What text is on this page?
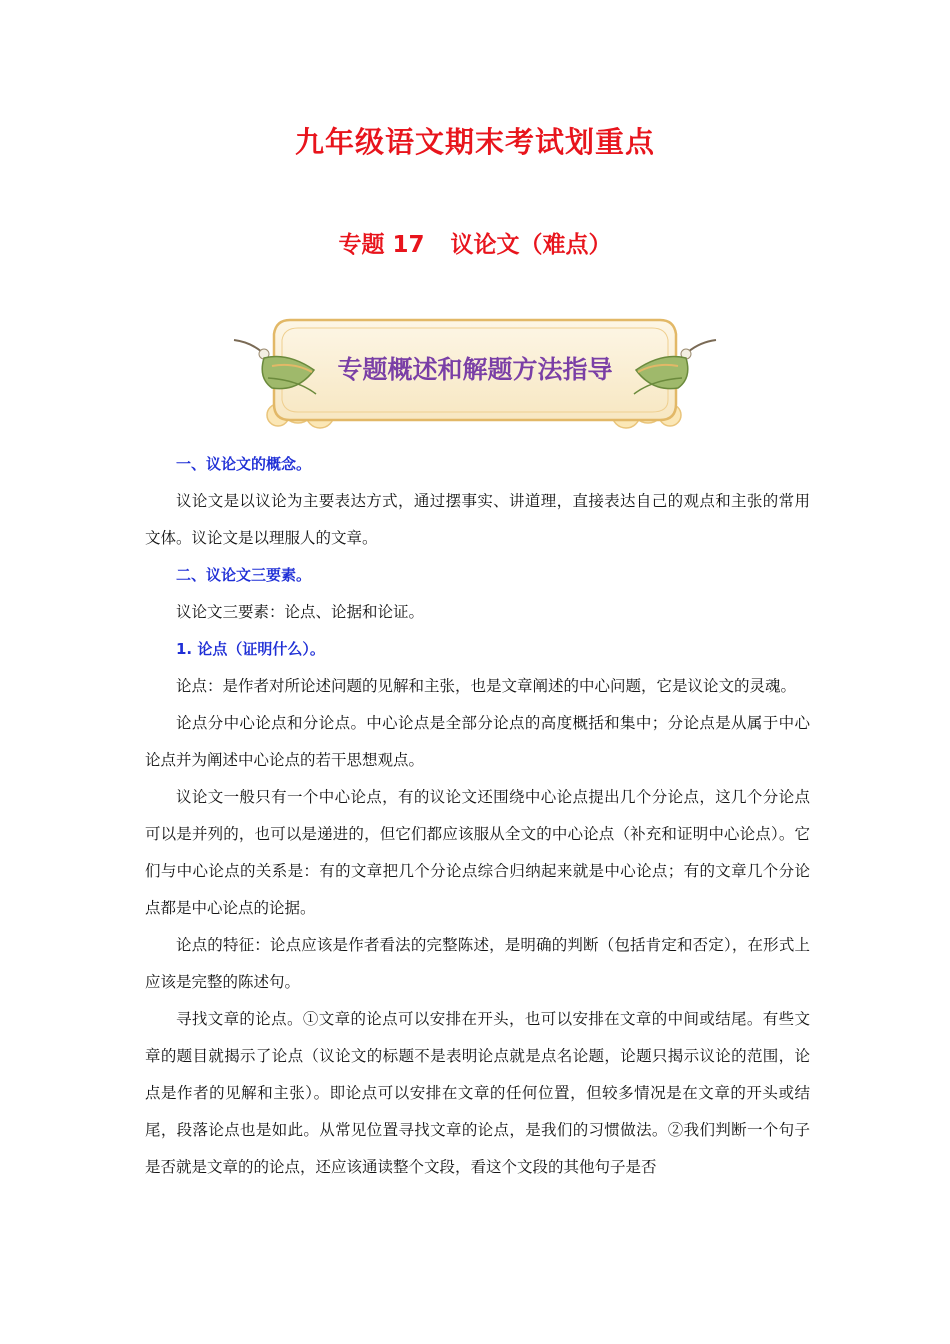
九年级语文期末考试划重点
专题 17 议论文（难点）
专题概述和解题方法指导
一、议论文的概念。

议论文是以议论为主要表达方式，通过摆事实、讲道理，直接表达自己的观点和主张的常用文体。议论文是以理服人的文章。

二、议论文三要素。

议论文三要素：论点、论据和论证。

1. 论点（证明什么）。

论点：是作者对所论述问题的见解和主张，也是文章阐述的中心问题，它是议论文的灵魂。

论点分中心论点和分论点。中心论点是全部分论点的高度概括和集中；分论点是从属于中心论点并为阐述中心论点的若干思想观点。

议论文一般只有一个中心论点，有的议论文还围绕中心论点提出几个分论点，这几个分论点可以是并列的，也可以是递进的，但它们都应该服从全文的中心论点（补充和证明中心论点）。它们与中心论点的关系是：有的文章把几个分论点综合归纳起来就是中心论点；有的文章几个分论点都是中心论点的论据。

论点的特征：论点应该是作者看法的完整陈述，是明确的判断（包括肯定和否定），在形式上应该是完整的陈述句。

寻找文章的论点。①文章的论点可以安排在开头，也可以安排在文章的中间或结尾。有些文章的题目就揭示了论点（议论文的标题不是表明论点就是点名论题，论题只揭示议论的范围，论点是作者的见解和主张）。即论点可以安排在文章的任何位置，但较多情况是在文章的开头或结尾，段落论点也是如此。从常见位置寻找文章的论点，是我们的习惯做法。②我们判断一个句子是否就是文章的的论点，还应该通读整个文段，看这个文段的其他句子是否
